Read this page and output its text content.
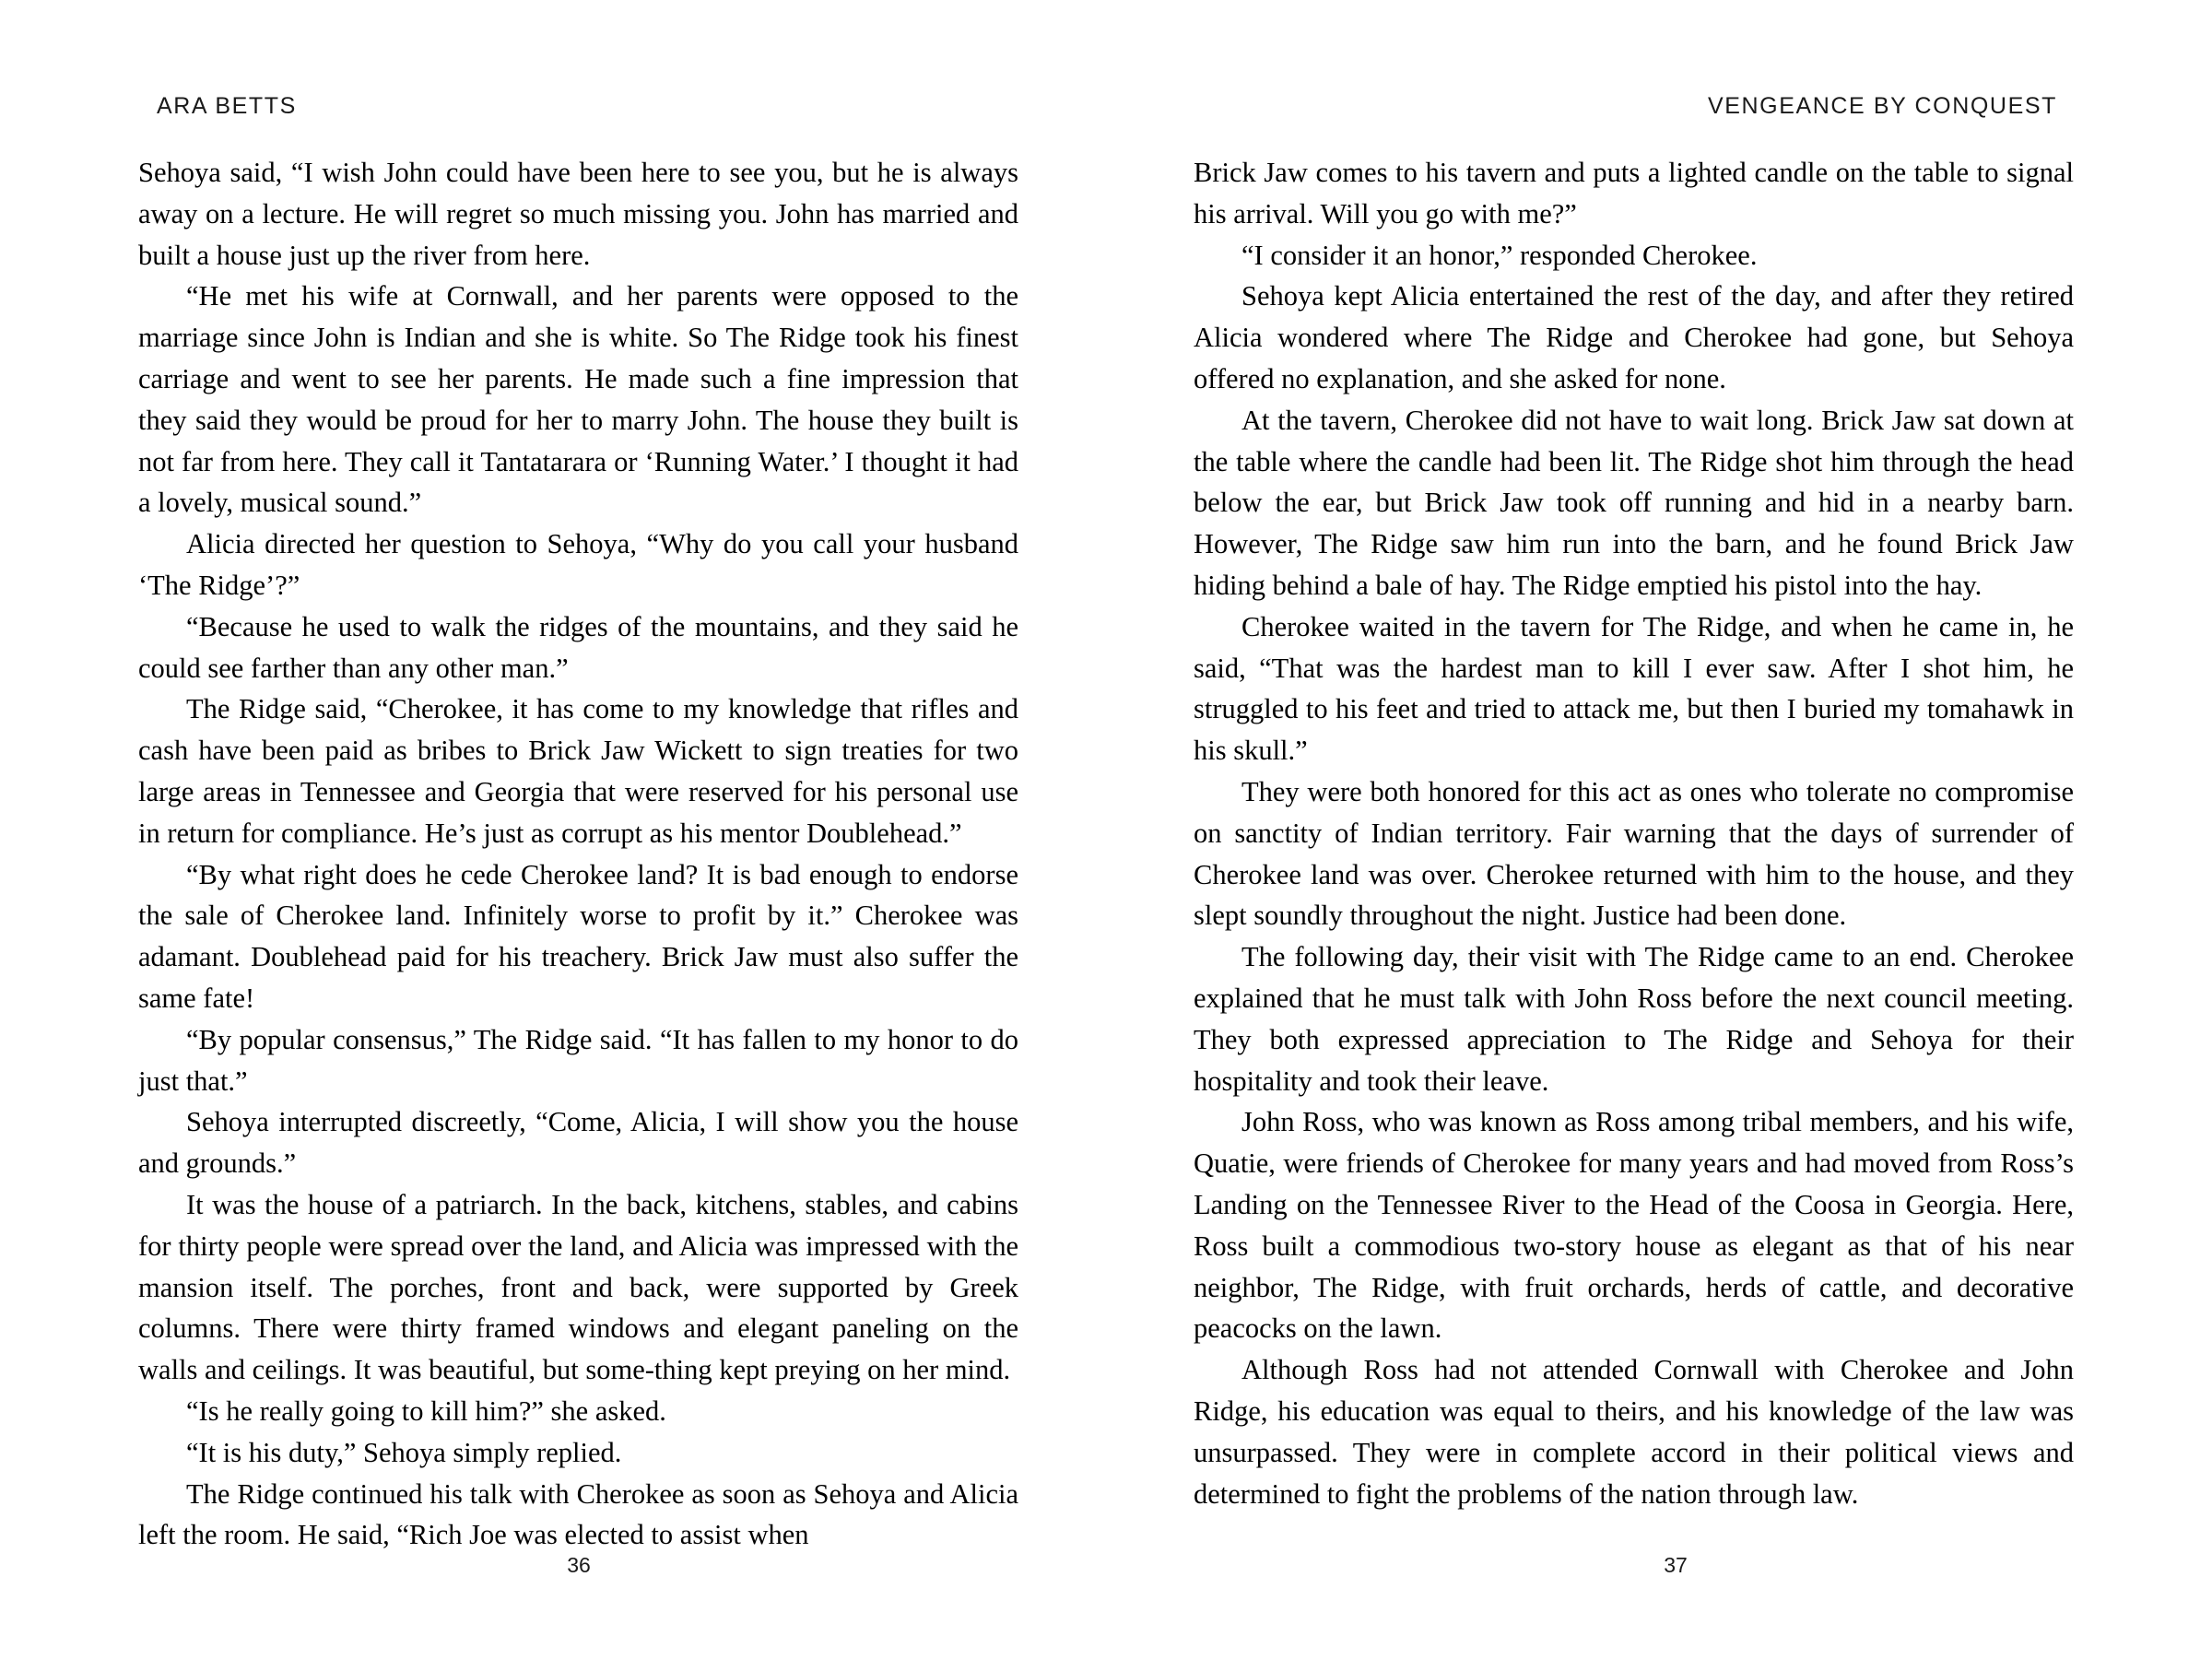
ARA BETTS

Sehoya said, “I wish John could have been here to see you, but he is always away on a lecture. He will regret so much missing you. John has married and built a house just up the river from here.

“He met his wife at Cornwall, and her parents were opposed to the marriage since John is Indian and she is white. So The Ridge took his finest carriage and went to see her parents. He made such a fine impression that they said they would be proud for her to marry John. The house they built is not far from here. They call it Tantatarara or ‘Running Water.’ I thought it had a lovely, musical sound.”

Alicia directed her question to Sehoya, “Why do you call your husband ‘The Ridge’?”

“Because he used to walk the ridges of the mountains, and they said he could see farther than any other man.”

The Ridge said, “Cherokee, it has come to my knowledge that rifles and cash have been paid as bribes to Brick Jaw Wickett to sign treaties for two large areas in Tennessee and Georgia that were reserved for his personal use in return for compliance. He’s just as corrupt as his mentor Doublehead.”

“By what right does he cede Cherokee land? It is bad enough to endorse the sale of Cherokee land. Infinitely worse to profit by it.” Cherokee was adamant. Doublehead paid for his treachery. Brick Jaw must also suffer the same fate!

“By popular consensus,” The Ridge said. “It has fallen to my honor to do just that.”

Sehoya interrupted discreetly, “Come, Alicia, I will show you the house and grounds.”

It was the house of a patriarch. In the back, kitchens, stables, and cabins for thirty people were spread over the land, and Alicia was impressed with the mansion itself. The porches, front and back, were supported by Greek columns. There were thirty framed windows and elegant paneling on the walls and ceilings. It was beautiful, but some-thing kept preying on her mind.

“Is he really going to kill him?” she asked.

“It is his duty,” Sehoya simply replied.

The Ridge continued his talk with Cherokee as soon as Sehoya and Alicia left the room. He said, “Rich Joe was elected to assist when

36
VENGEANCE BY CONQUEST

Brick Jaw comes to his tavern and puts a lighted candle on the table to signal his arrival. Will you go with me?”

“I consider it an honor,” responded Cherokee.

Sehoya kept Alicia entertained the rest of the day, and after they retired Alicia wondered where The Ridge and Cherokee had gone, but Sehoya offered no explanation, and she asked for none.

At the tavern, Cherokee did not have to wait long. Brick Jaw sat down at the table where the candle had been lit. The Ridge shot him through the head below the ear, but Brick Jaw took off running and hid in a nearby barn. However, The Ridge saw him run into the barn, and he found Brick Jaw hiding behind a bale of hay. The Ridge emptied his pistol into the hay.

Cherokee waited in the tavern for The Ridge, and when he came in, he said, “That was the hardest man to kill I ever saw. After I shot him, he struggled to his feet and tried to attack me, but then I buried my tomahawk in his skull.”

They were both honored for this act as ones who tolerate no compromise on sanctity of Indian territory. Fair warning that the days of surrender of Cherokee land was over. Cherokee returned with him to the house, and they slept soundly throughout the night. Justice had been done.

The following day, their visit with The Ridge came to an end. Cherokee explained that he must talk with John Ross before the next council meeting. They both expressed appreciation to The Ridge and Sehoya for their hospitality and took their leave.

John Ross, who was known as Ross among tribal members, and his wife, Quatie, were friends of Cherokee for many years and had moved from Ross’s Landing on the Tennessee River to the Head of the Coosa in Georgia. Here, Ross built a commodious two-story house as elegant as that of his near neighbor, The Ridge, with fruit orchards, herds of cattle, and decorative peacocks on the lawn.

Although Ross had not attended Cornwall with Cherokee and John Ridge, his education was equal to theirs, and his knowledge of the law was unsurpassed. They were in complete accord in their political views and determined to fight the problems of the nation through law.

37
